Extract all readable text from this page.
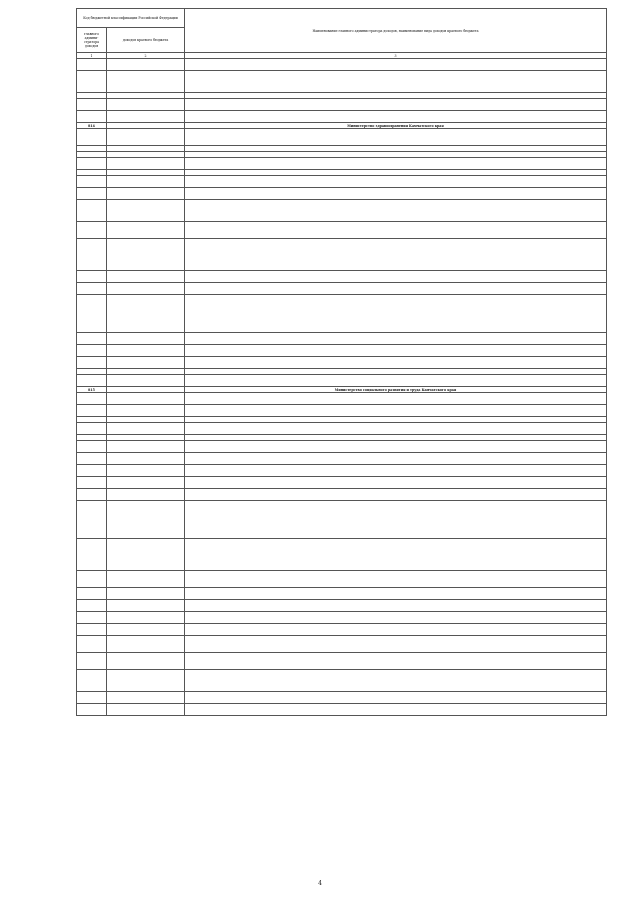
Код бюджетной классификации Российской Федерации		Наименование главного администратора доходов, наименование вида доходов краевого бюджета
главного админи- стратора доходов	доходов краевого бюджета	
1	2	3

814		Министерство здравоохранения Камчатского края

815		Министерство социального развития и труда Камчатского края

4
